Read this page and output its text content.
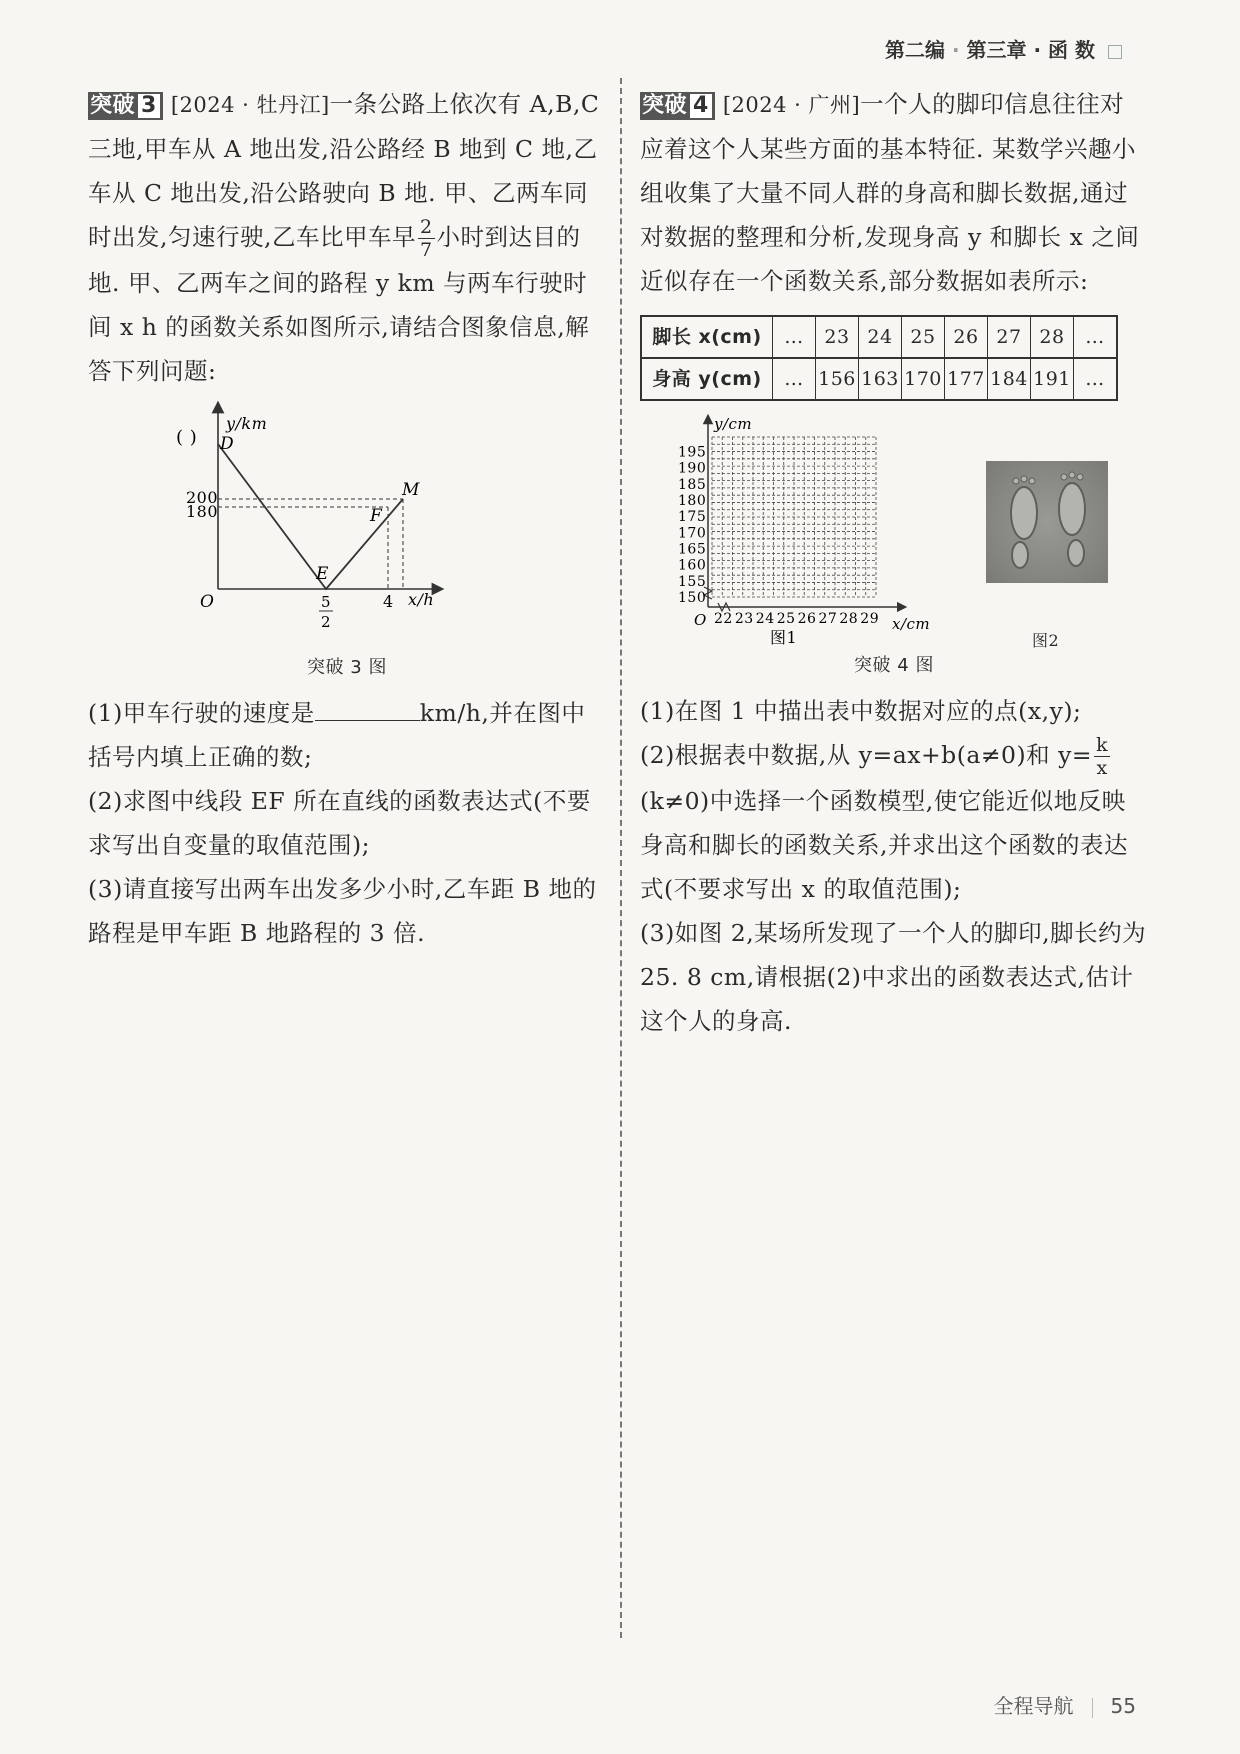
第二编 · 第三章 · 函 数

突破 3 [2024 · 牡丹江]一条公路上依次有 A,B,C 三地,甲车从 A 地出发,沿公路经 B 地到 C 地,乙车从 C 地出发,沿公路驶向 B 地. 甲、乙两车同时出发,匀速行驶,乙车比甲车早 $\frac{2}{7}$ 小时到达目的地. 甲、乙两车之间的路程 y km 与两车行驶时间 x h 的函数关系如图所示,请结合图象信息,解答下列问题:

y/km
x/h
O
( ) D
200
180
E
F
M
4
5
2
突破 3 图

(1)甲车行驶的速度是	km/h,并在图中括号内填上正确的数;

(2)求图中线段 EF 所在直线的函数表达式(不要求写出自变量的取值范围);

(3)请直接写出两车出发多少小时,乙车距 B 地的路程是甲车距 B 地路程的 3 倍.

突破 4 [2024 · 广州]一个人的脚印信息往往对应着这个人某些方面的基本特征. 某数学兴趣小组收集了大量不同人群的身高和脚长数据,通过对数据的整理和分析,发现身高 y 和脚长 x 之间近似存在一个函数关系,部分数据如表所示:

脚长 x(cm)	…	23	24	25	26	27	28	…
身高 y(cm)	…	156	163	170	177	184	191	…
y/cm
x/cm
O
150
155
160
165
170
175
180
185
190
195
22 23 24 25 26 27 28 29
图1	图2
突破 4 图

(1)在图 1 中描出表中数据对应的点(x,y);

(2)根据表中数据,从 y=ax+b(a≠0)和 $y= \frac{k}{x}$
(k≠0)中选择一个函数模型,使它能近似地反映身高和脚长的函数关系,并求出这个函数的表达式(不要求写出 x 的取值范围);

(3)如图 2,某场所发现了一个人的脚印,脚长约为 25. 8 cm,请根据(2)中求出的函数表达式,估计这个人的身高.

全程导航 55
